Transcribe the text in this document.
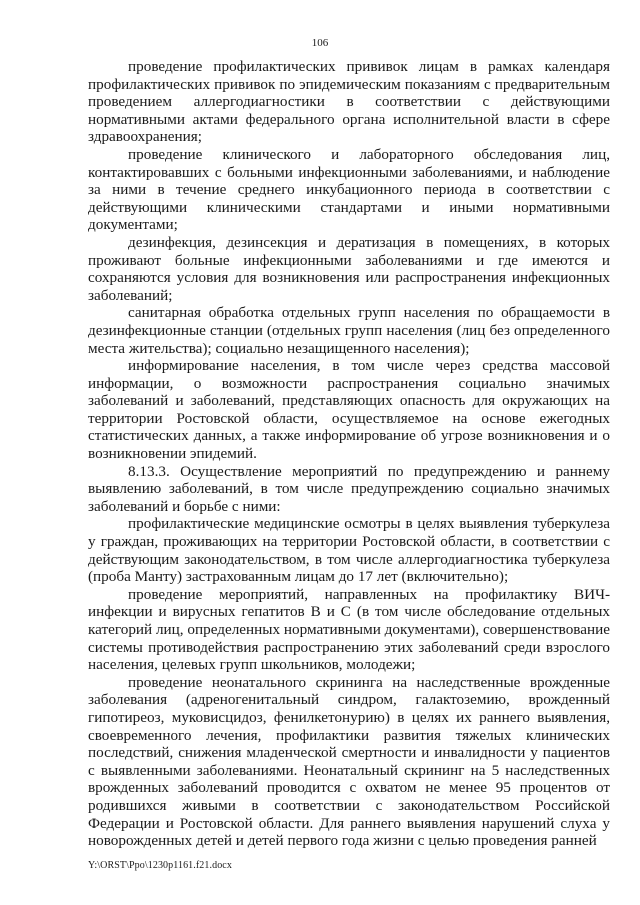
106

проведение профилактических прививок лицам в рамках календаря профилактических прививок по эпидемическим показаниям с предварительным проведением аллергодиагностики в соответствии с действующими нормативными актами федерального органа исполнительной власти в сфере здравоохранения;

проведение клинического и лабораторного обследования лиц, контактировавших с больными инфекционными заболеваниями, и наблюдение за ними в течение среднего инкубационного периода в соответствии с действующими клиническими стандартами и иными нормативными документами;

дезинфекция, дезинсекция и дератизация в помещениях, в которых проживают больные инфекционными заболеваниями и где имеются и сохраняются условия для возникновения или распространения инфекционных заболеваний;

санитарная обработка отдельных групп населения по обращаемости в дезинфекционные станции (отдельных групп населения (лиц без определенного места жительства); социально незащищенного населения);

информирование населения, в том числе через средства массовой информации, о возможности распространения социально значимых заболеваний и заболеваний, представляющих опасность для окружающих на территории Ростовской области, осуществляемое на основе ежегодных статистических данных, а также информирование об угрозе возникновения и о возникновении эпидемий.

8.13.3. Осуществление мероприятий по предупреждению и раннему выявлению заболеваний, в том числе предупреждению социально значимых заболеваний и борьбе с ними:

профилактические медицинские осмотры в целях выявления туберкулеза у граждан, проживающих на территории Ростовской области, в соответствии с действующим законодательством, в том числе аллергодиагностика туберкулеза (проба Манту) застрахованным лицам до 17 лет (включительно);

проведение мероприятий, направленных на профилактику ВИЧ-инфекции и вирусных гепатитов В и С (в том числе обследование отдельных категорий лиц, определенных нормативными документами), совершенствование системы противодействия распространению этих заболеваний среди взрослого населения, целевых групп школьников, молодежи;

проведение неонатального скрининга на наследственные врожденные заболевания (адреногенитальный синдром, галактоземию, врожденный гипотиреоз, муковисцидоз, фенилкетонурию) в целях их раннего выявления, своевременного лечения, профилактики развития тяжелых клинических последствий, снижения младенческой смертности и инвалидности у пациентов с выявленными заболеваниями. Неонатальный скрининг на 5 наследственных врожденных заболеваний проводится с охватом не менее 95 процентов от родившихся живыми в соответствии с законодательством Российской Федерации и Ростовской области. Для раннего выявления нарушений слуха у новорожденных детей и детей первого года жизни с целью проведения ранней

Y:\ORST\Ppo\1230p1161.f21.docx
